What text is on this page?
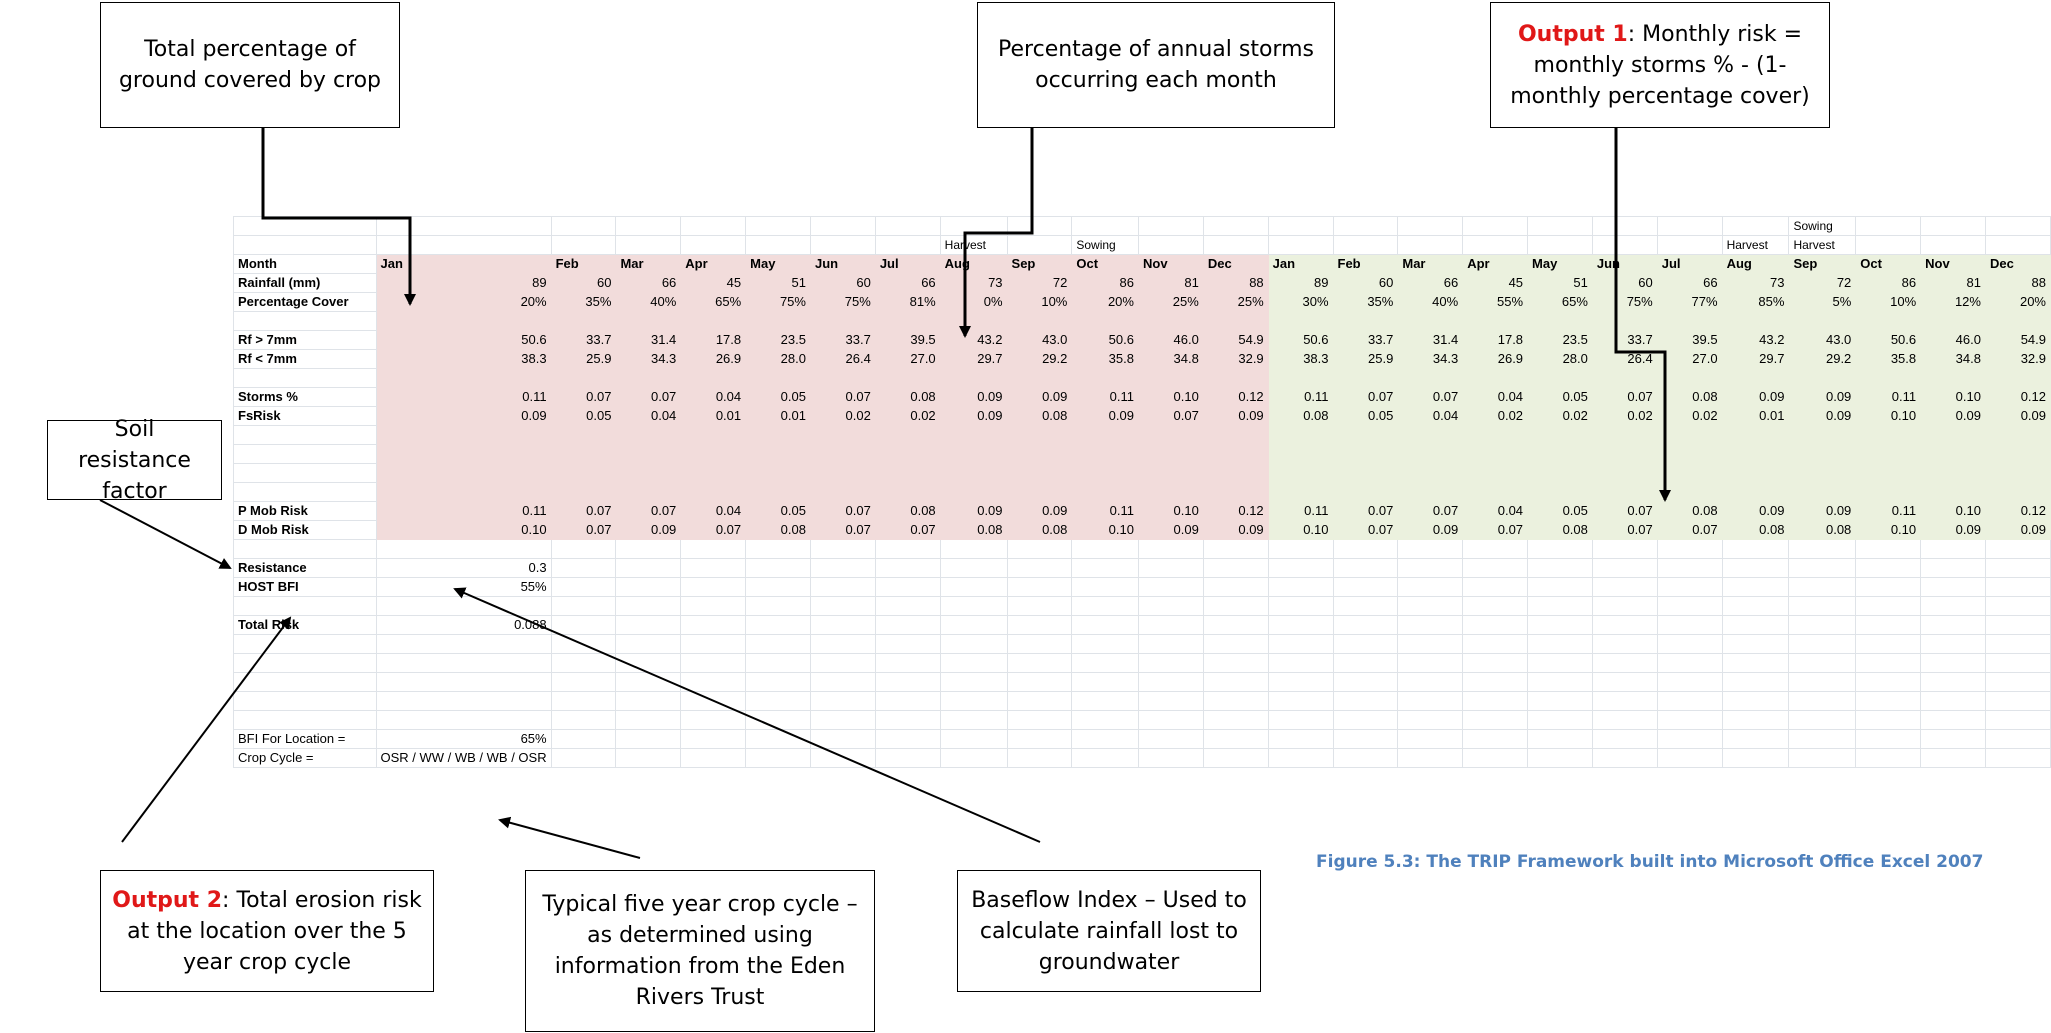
Total percentage of ground covered by crop
Percentage of annual storms occurring each month
Output 1: Monthly risk = monthly storms % - (1-monthly percentage cover)
Soil resistance factor
Output 2: Total erosion risk at the location over the 5 year crop cycle
Typical five year crop cycle – as determined using information from the Eden Rivers Trust
Baseflow Index – Used to calculate rainfall lost to groundwater
Figure 5.3: The TRIP Framework built into Microsoft Office Excel 2007
																					Sowing			
								Harvest		Sowing										Harvest	Harvest			
Month	Jan	Feb	Mar	Apr	May	Jun	Jul	Aug	Sep	Oct	Nov	Dec	Jan	Feb	Mar	Apr	May	Jun	Jul	Aug	Sep	Oct	Nov	Dec
Rainfall (mm)	89	60	66	45	51	60	66	73	72	86	81	88	89	60	66	45	51	60	66	73	72	86	81	88
Percentage Cover	20%	35%	40%	65%	75%	75%	81%	0%	10%	20%	25%	25%	30%	35%	40%	55%	65%	75%	77%	85%	5%	10%	12%	20%

Rf > 7mm	50.6	33.7	31.4	17.8	23.5	33.7	39.5	43.2	43.0	50.6	46.0	54.9	50.6	33.7	31.4	17.8	23.5	33.7	39.5	43.2	43.0	50.6	46.0	54.9
Rf < 7mm	38.3	25.9	34.3	26.9	28.0	26.4	27.0	29.7	29.2	35.8	34.8	32.9	38.3	25.9	34.3	26.9	28.0	26.4	27.0	29.7	29.2	35.8	34.8	32.9

Storms %	0.11	0.07	0.07	0.04	0.05	0.07	0.08	0.09	0.09	0.11	0.10	0.12	0.11	0.07	0.07	0.04	0.05	0.07	0.08	0.09	0.09	0.11	0.10	0.12
FsRisk	0.09	0.05	0.04	0.01	0.01	0.02	0.02	0.09	0.08	0.09	0.07	0.09	0.08	0.05	0.04	0.02	0.02	0.02	0.02	0.01	0.09	0.10	0.09	0.09

P Mob Risk	0.11	0.07	0.07	0.04	0.05	0.07	0.08	0.09	0.09	0.11	0.10	0.12	0.11	0.07	0.07	0.04	0.05	0.07	0.08	0.09	0.09	0.11	0.10	0.12
D Mob Risk	0.10	0.07	0.09	0.07	0.08	0.07	0.07	0.08	0.08	0.10	0.09	0.09	0.10	0.07	0.09	0.07	0.08	0.07	0.07	0.08	0.08	0.10	0.09	0.09

Resistance	0.3																							
HOST BFI	55%																							

Total Risk	0.088																							

BFI For Location =	65%																							
Crop Cycle =	OSR / WW / WB / WB / OSR																							
